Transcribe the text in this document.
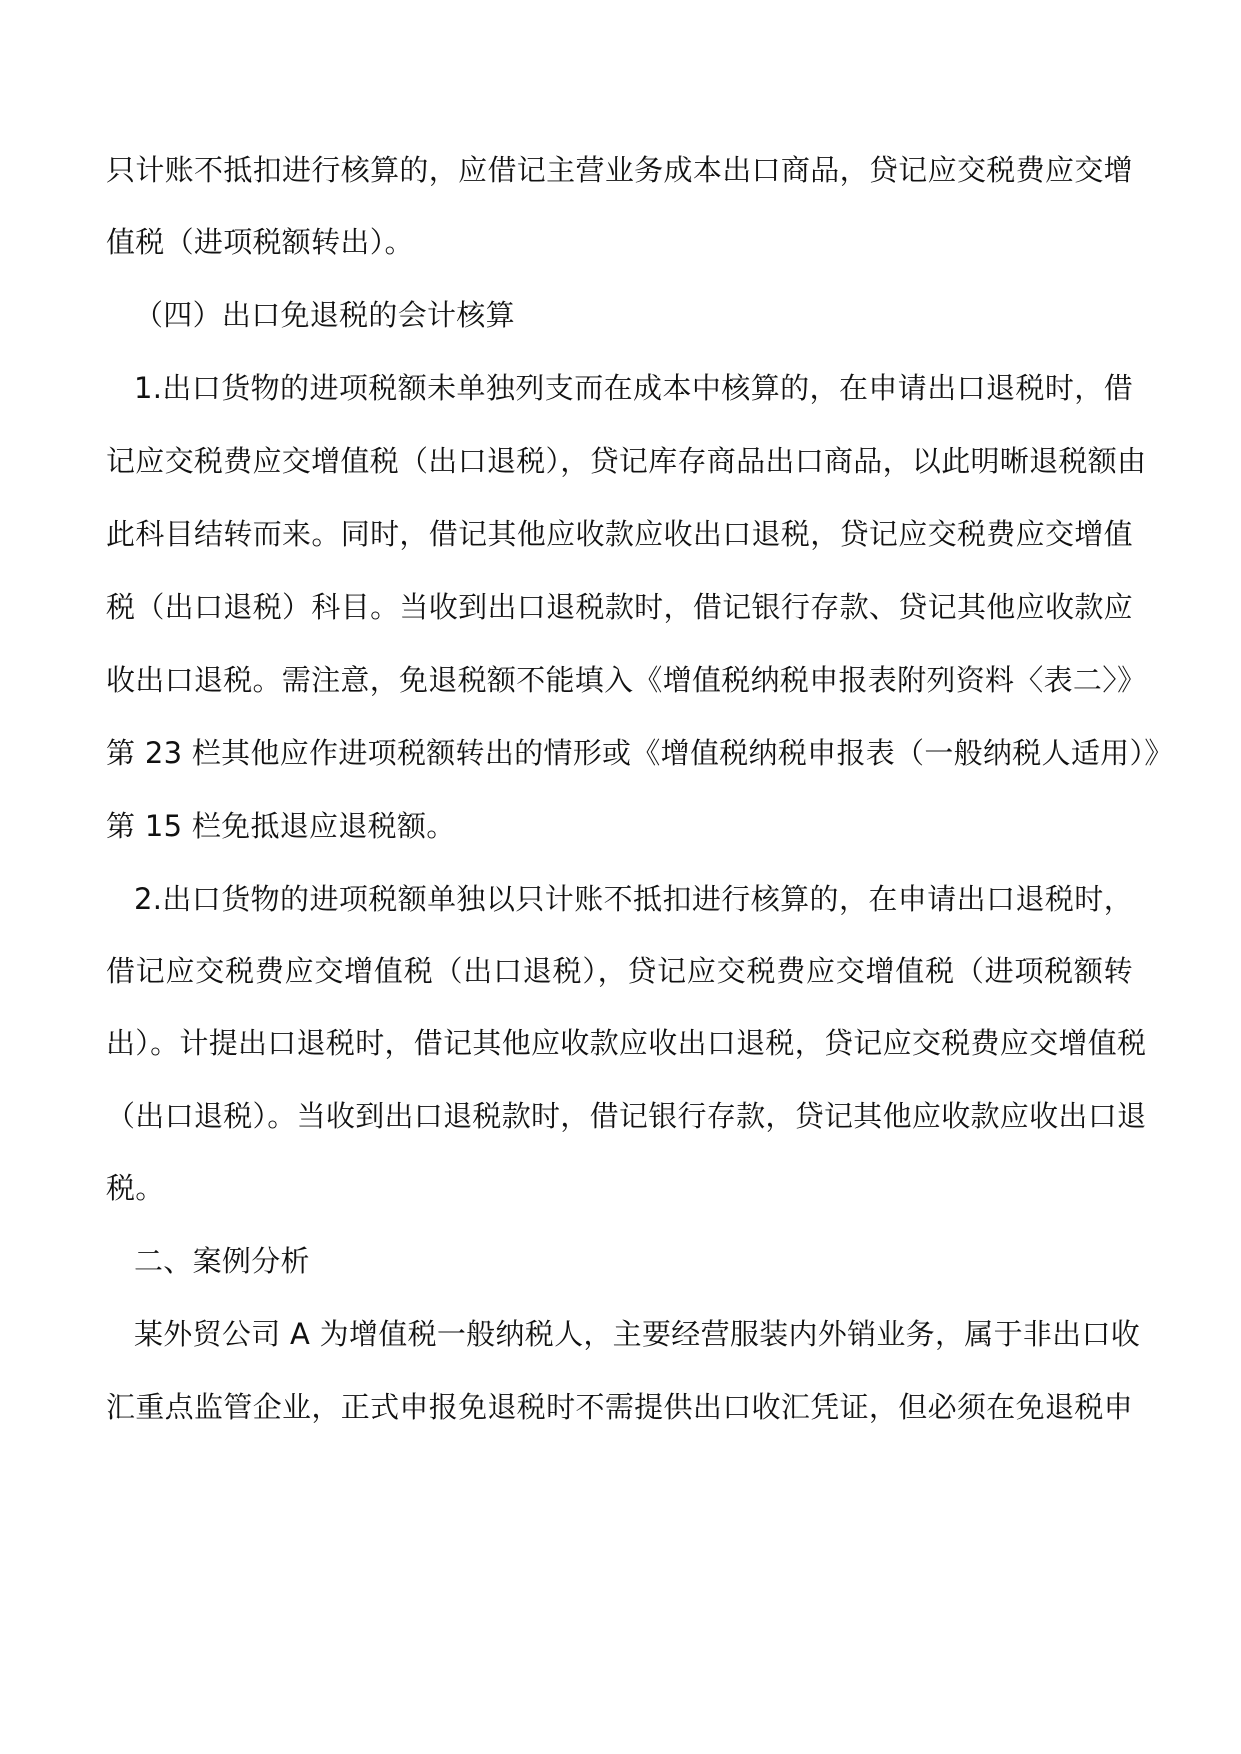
只计账不抵扣进行核算的，应借记主营业务成本出口商品，贷记应交税费应交增
值税（进项税额转出）。
（四）出口免退税的会计核算
1.出口货物的进项税额未单独列支而在成本中核算的，在申请出口退税时，借
记应交税费应交增值税（出口退税），贷记库存商品出口商品，以此明晰退税额由
此科目结转而来。同时，借记其他应收款应收出口退税，贷记应交税费应交增值
税（出口退税）科目。当收到出口退税款时，借记银行存款、贷记其他应收款应
收出口退税。需注意，免退税额不能填入《增值税纳税申报表附列资料〈表二〉》
第 23 栏其他应作进项税额转出的情形或《增值税纳税申报表（一般纳税人适用）》
第 15 栏免抵退应退税额。
2.出口货物的进项税额单独以只计账不抵扣进行核算的，在申请出口退税时，
借记应交税费应交增值税（出口退税），贷记应交税费应交增值税（进项税额转
出）。计提出口退税时，借记其他应收款应收出口退税，贷记应交税费应交增值税
（出口退税）。当收到出口退税款时，借记银行存款，贷记其他应收款应收出口退
税。
二、案例分析
某外贸公司 A 为增值税一般纳税人，主要经营服装内外销业务，属于非出口收
汇重点监管企业，正式申报免退税时不需提供出口收汇凭证，但必须在免退税申
